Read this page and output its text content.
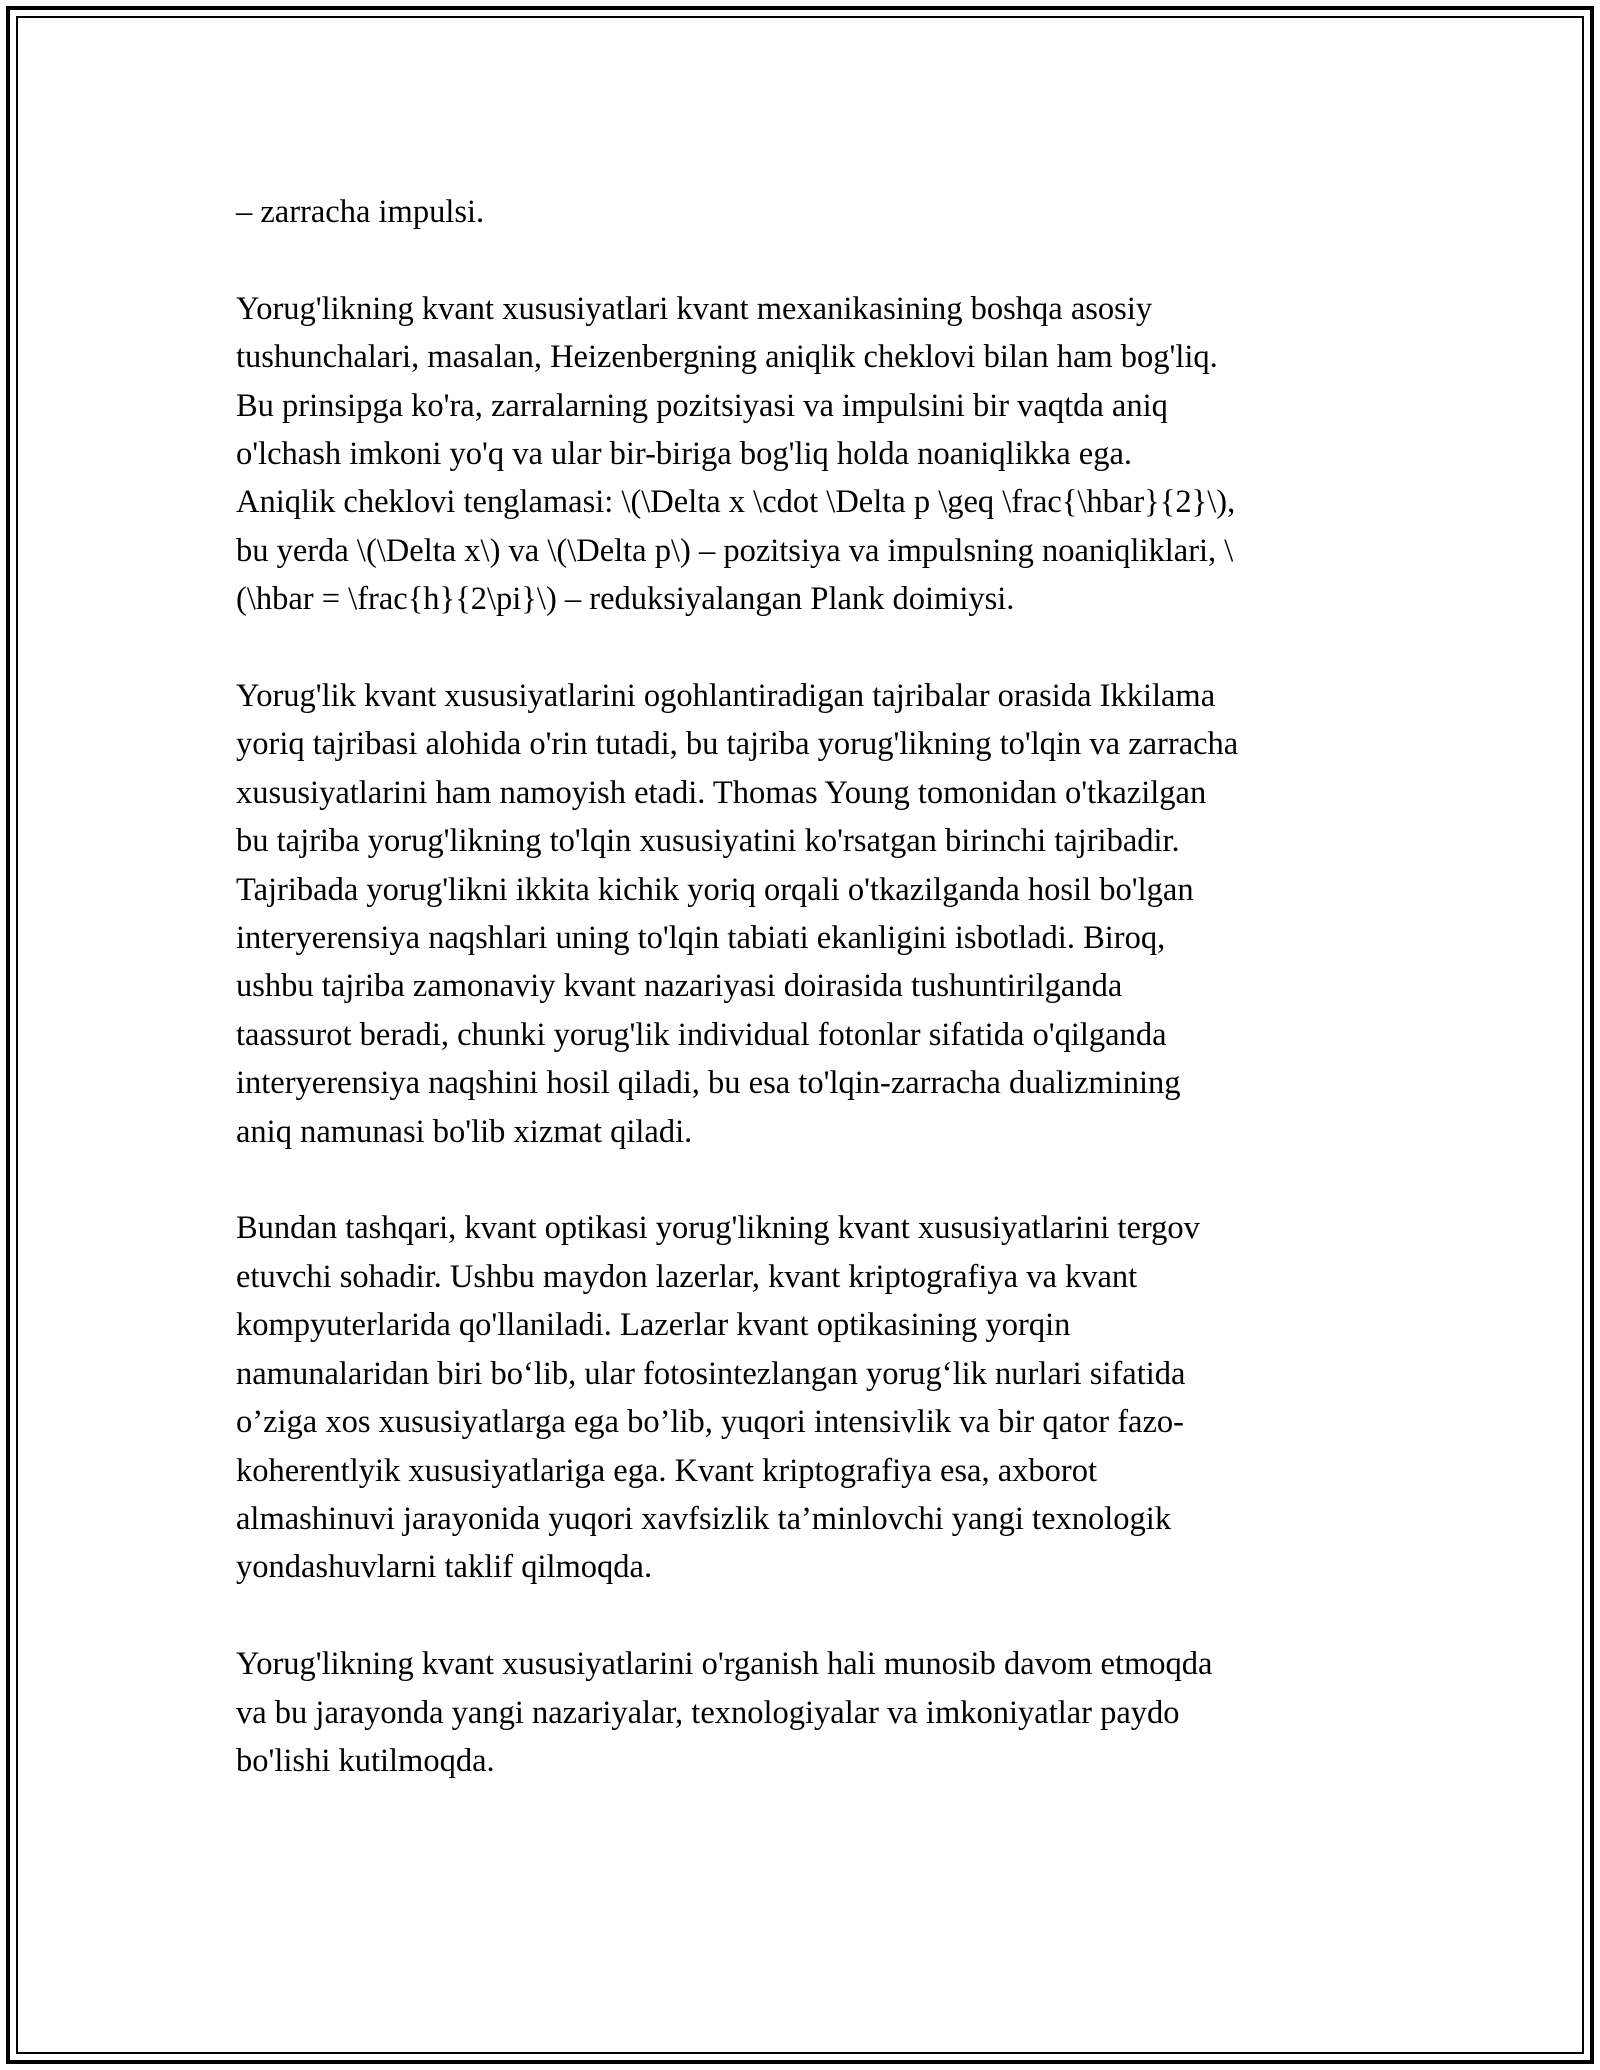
– zarracha impulsi.

Yorug'likning kvant xususiyatlari kvant mexanikasining boshqa asosiy
tushunchalari, masalan, Heizenbergning aniqlik cheklovi bilan ham bog'liq.
Bu prinsipga ko'ra, zarralarning pozitsiyasi va impulsini bir vaqtda aniq
o'lchash imkoni yo'q va ular bir-biriga bog'liq holda noaniqlikka ega.
Aniqlik cheklovi tenglamasi: \(\Delta x \cdot \Delta p \geq \frac{\hbar}{2}\),
bu yerda \(\Delta x\) va \(\Delta p\) – pozitsiya va impulsning noaniqliklari, \
(\hbar = \frac{h}{2\pi}\) – reduksiyalangan Plank doimiysi.

Yorug'lik kvant xususiyatlarini ogohlantiradigan tajribalar orasida Ikkilama
yoriq tajribasi alohida o'rin tutadi, bu tajriba yorug'likning to'lqin va zarracha
xususiyatlarini ham namoyish etadi. Thomas Young tomonidan o'tkazilgan
bu tajriba yorug'likning to'lqin xususiyatini ko'rsatgan birinchi tajribadir.
Tajribada yorug'likni ikkita kichik yoriq orqali o'tkazilganda hosil bo'lgan
interyerensiya naqshlari uning to'lqin tabiati ekanligini isbotladi. Biroq,
ushbu tajriba zamonaviy kvant nazariyasi doirasida tushuntirilganda
taassurot beradi, chunki yorug'lik individual fotonlar sifatida o'qilganda
interyerensiya naqshini hosil qiladi, bu esa to'lqin-zarracha dualizmining
aniq namunasi bo'lib xizmat qiladi.

Bundan tashqari, kvant optikasi yorug'likning kvant xususiyatlarini tergov
etuvchi sohadir. Ushbu maydon lazerlar, kvant kriptografiya va kvant
kompyuterlarida qo'llaniladi. Lazerlar kvant optikasining yorqin
namunalaridan biri bo‘lib, ular fotosintezlangan yorug‘lik nurlari sifatida
o’ziga xos xususiyatlarga ega bo’lib, yuqori intensivlik va bir qator fazo-
koherentlyik xususiyatlariga ega. Kvant kriptografiya esa, axborot
almashinuvi jarayonida yuqori xavfsizlik ta’minlovchi yangi texnologik
yondashuvlarni taklif qilmoqda.

Yorug'likning kvant xususiyatlarini o'rganish hali munosib davom etmoqda
va bu jarayonda yangi nazariyalar, texnologiyalar va imkoniyatlar paydo
bo'lishi kutilmoqda.
